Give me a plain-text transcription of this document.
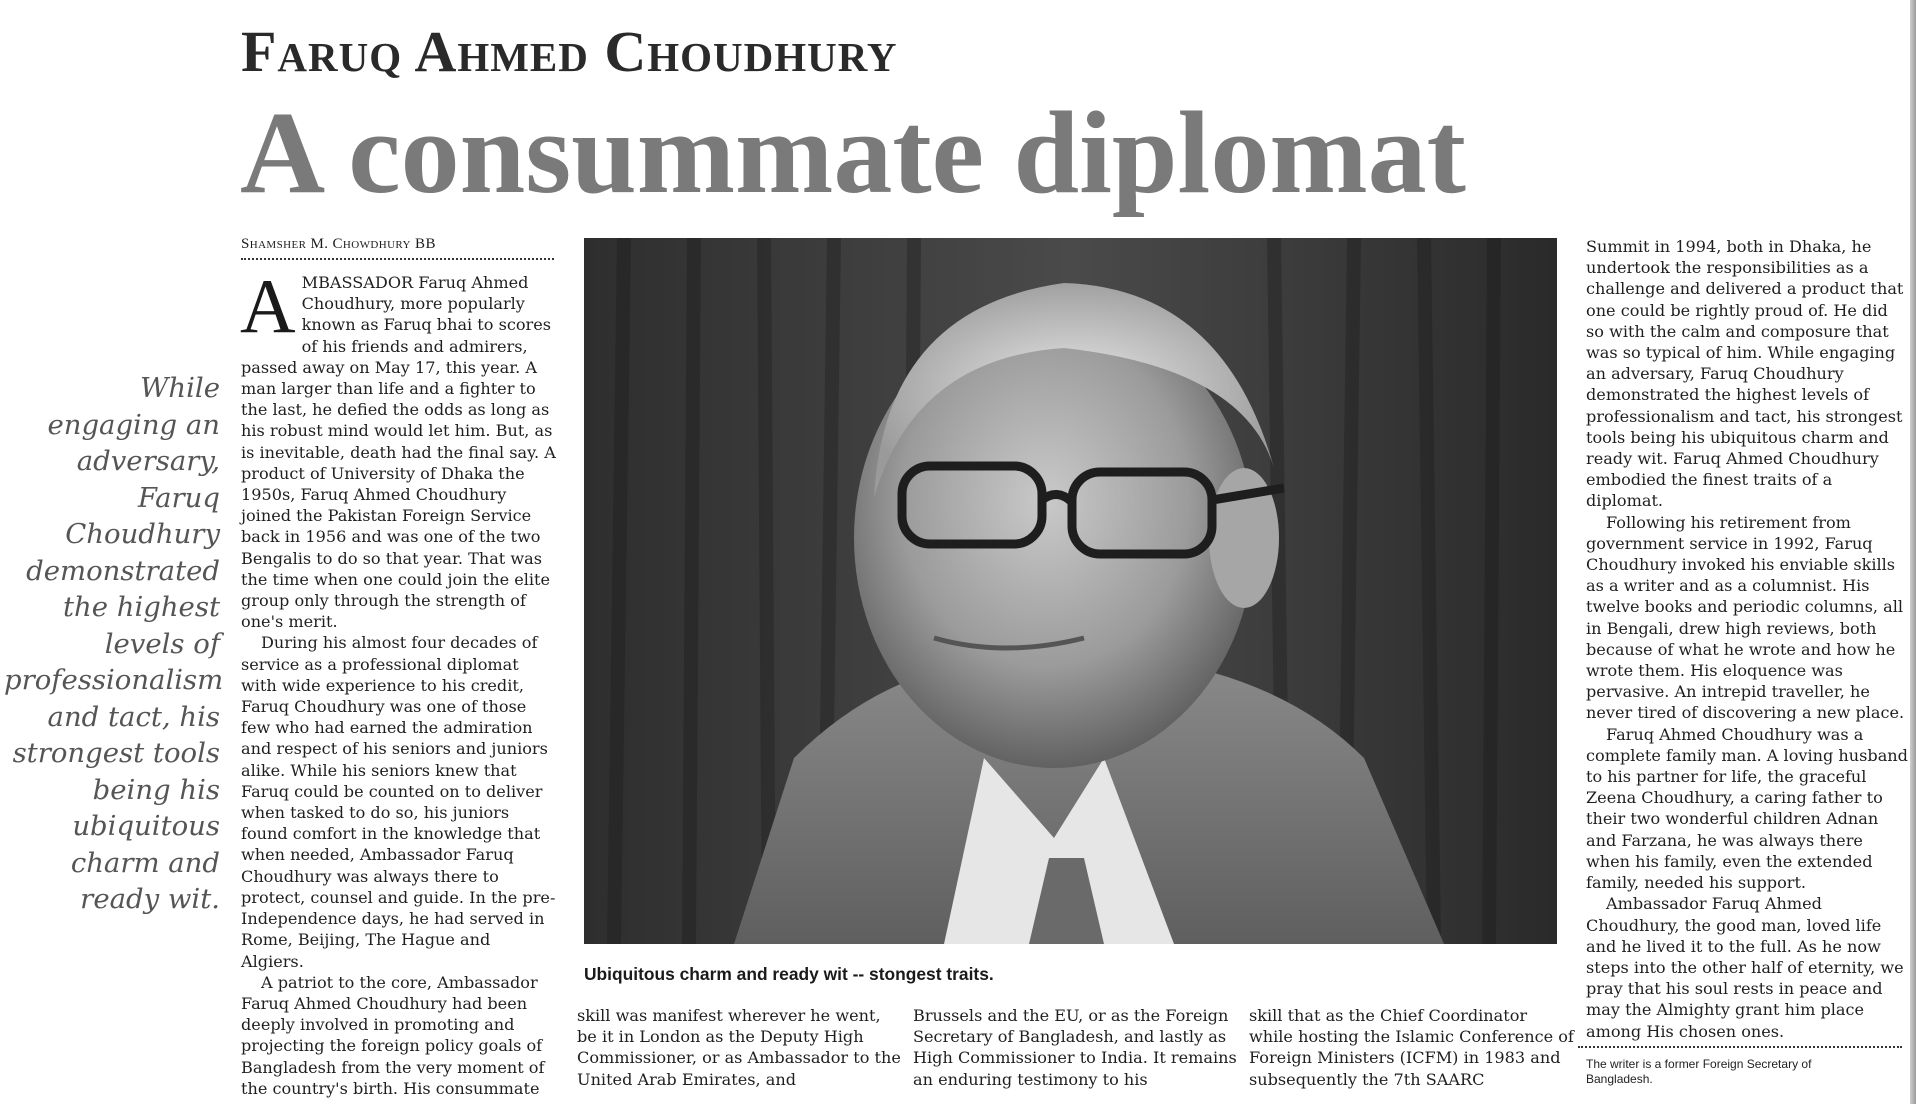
Faruq Ahmed Choudhury
A consummate diplomat
Shamsher M. Chowdhury BB

While engaging an adversary, Faruq Choudhury demonstrated the highest levels of professionalism and tact, his strongest tools being his ubiquitous charm and ready wit.

AMBASSADOR Faruq Ahmed Choudhury, more popularly known as Faruq bhai to scores of his friends and admirers, passed away on May 17, this year. A man larger than life and a fighter to the last, he defied the odds as long as his robust mind would let him. But, as is inevitable, death had the final say. A product of University of Dhaka the 1950s, Faruq Ahmed Choudhury joined the Pakistan Foreign Service back in 1956 and was one of the two Bengalis to do so that year. That was the time when one could join the elite group only through the strength of one's merit.

During his almost four decades of service as a professional diplomat with wide experience to his credit, Faruq Choudhury was one of those few who had earned the admiration and respect of his seniors and juniors alike. While his seniors knew that Faruq could be counted on to deliver when tasked to do so, his juniors found comfort in the knowledge that when needed, Ambassador Faruq Choudhury was always there to protect, counsel and guide. In the pre-Independence days, he had served in Rome, Beijing, The Hague and Algiers.

A patriot to the core, Ambassador Faruq Ahmed Choudhury had been deeply involved in promoting and projecting the foreign policy goals of Bangladesh from the very moment of the country's birth. His consummate

Ubiquitous charm and ready wit -- stongest traits.

skill was manifest wherever he went, be it in London as the Deputy High Commissioner, or as Ambassador to the United Arab Emirates, and

Brussels and the EU, or as the Foreign Secretary of Bangladesh, and lastly as High Commissioner to India. It remains an enduring testimony to his

skill that as the Chief Coordinator while hosting the Islamic Conference of Foreign Ministers (ICFM) in 1983 and subsequently the 7th SAARC

Summit in 1994, both in Dhaka, he undertook the responsibilities as a challenge and delivered a product that one could be rightly proud of. He did so with the calm and composure that was so typical of him. While engaging an adversary, Faruq Choudhury demonstrated the highest levels of professionalism and tact, his strongest tools being his ubiquitous charm and ready wit. Faruq Ahmed Choudhury embodied the finest traits of a diplomat.

Following his retirement from government service in 1992, Faruq Choudhury invoked his enviable skills as a writer and as a columnist. His twelve books and periodic columns, all in Bengali, drew high reviews, both because of what he wrote and how he wrote them. His eloquence was pervasive. An intrepid traveller, he never tired of discovering a new place.

Faruq Ahmed Choudhury was a complete family man. A loving husband to his partner for life, the graceful Zeena Choudhury, a caring father to their two wonderful children Adnan and Farzana, he was always there when his family, even the extended family, needed his support.

Ambassador Faruq Ahmed Choudhury, the good man, loved life and he lived it to the full. As he now steps into the other half of eternity, we pray that his soul rests in peace and may the Almighty grant him place among His chosen ones.

The writer is a former Foreign Secretary of Bangladesh.
